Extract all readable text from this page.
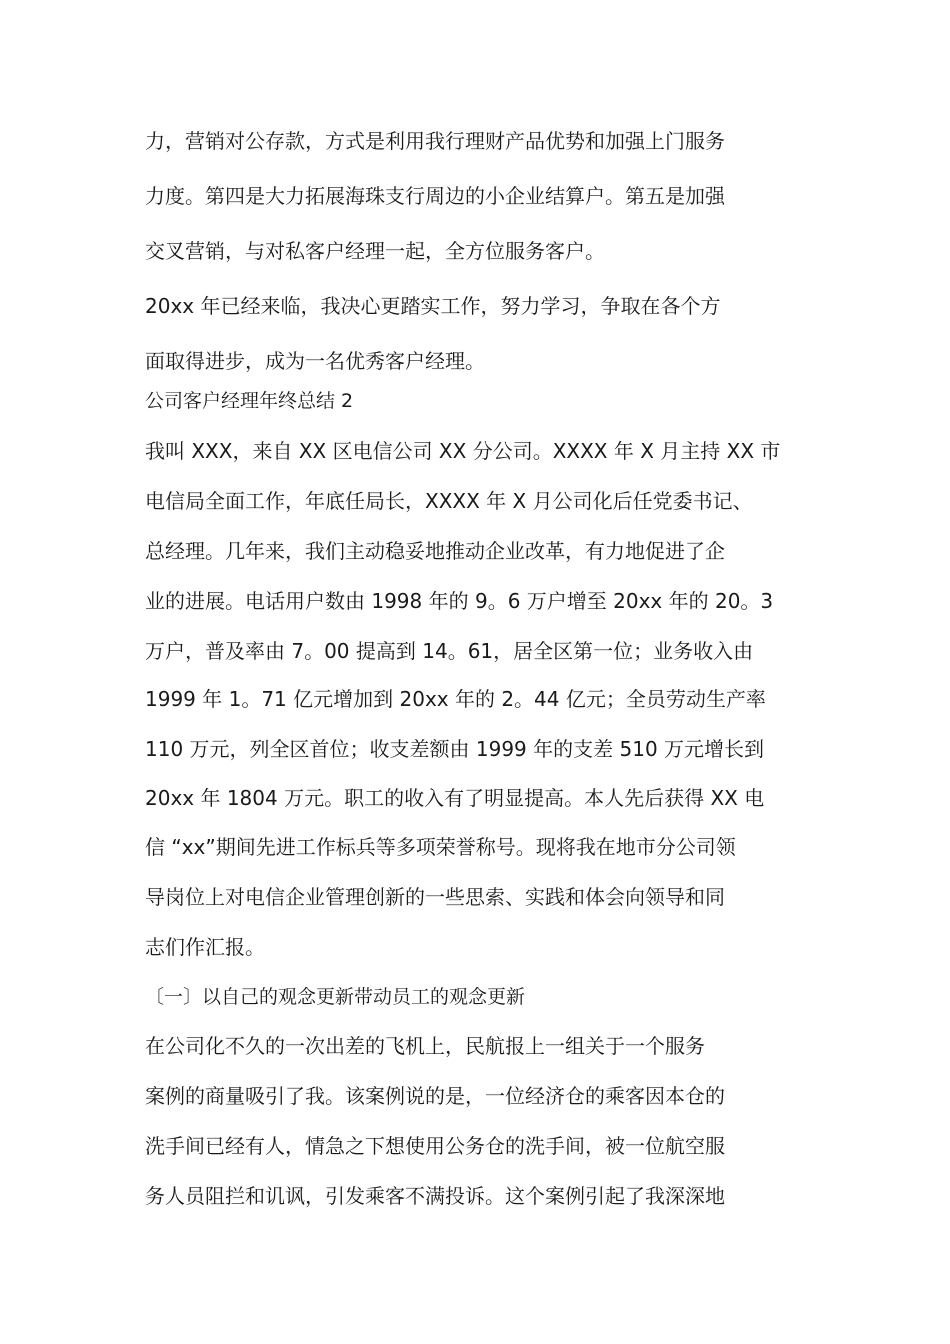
力，营销对公存款，方式是利用我行理财产品优势和加强上门服务
力度。第四是大力拓展海珠支行周边的小企业结算户。第五是加强
交叉营销，与对私客户经理一起，全方位服务客户。
20xx 年已经来临，我决心更踏实工作，努力学习，争取在各个方
面取得进步，成为一名优秀客户经理。
公司客户经理年终总结 2
我叫 XXX，来自 XX 区电信公司 XX 分公司。XXXX 年 X 月主持 XX 市
电信局全面工作，年底任局长，XXXX 年 X 月公司化后任党委书记、
总经理。几年来，我们主动稳妥地推动企业改革，有力地促进了企
业的进展。电话用户数由 1998 年的 9。6 万户增至 20xx 年的 20。3
万户，普及率由 7。00 提高到 14。61，居全区第一位；业务收入由
1999 年 1。71 亿元增加到 20xx 年的 2。44 亿元；全员劳动生产率
110 万元，列全区首位；收支差额由 1999 年的支差 510 万元增长到
20xx 年 1804 万元。职工的收入有了明显提高。本人先后获得 XX 电
信 “xx”期间先进工作标兵等多项荣誉称号。现将我在地市分公司领
导岗位上对电信企业管理创新的一些思索、实践和体会向领导和同
志们作汇报。
〔一〕以自己的观念更新带动员工的观念更新
在公司化不久的一次出差的飞机上，民航报上一组关于一个服务
案例的商量吸引了我。该案例说的是，一位经济仓的乘客因本仓的
洗手间已经有人，情急之下想使用公务仓的洗手间，被一位航空服
务人员阻拦和讥讽，引发乘客不满投诉。这个案例引起了我深深地
